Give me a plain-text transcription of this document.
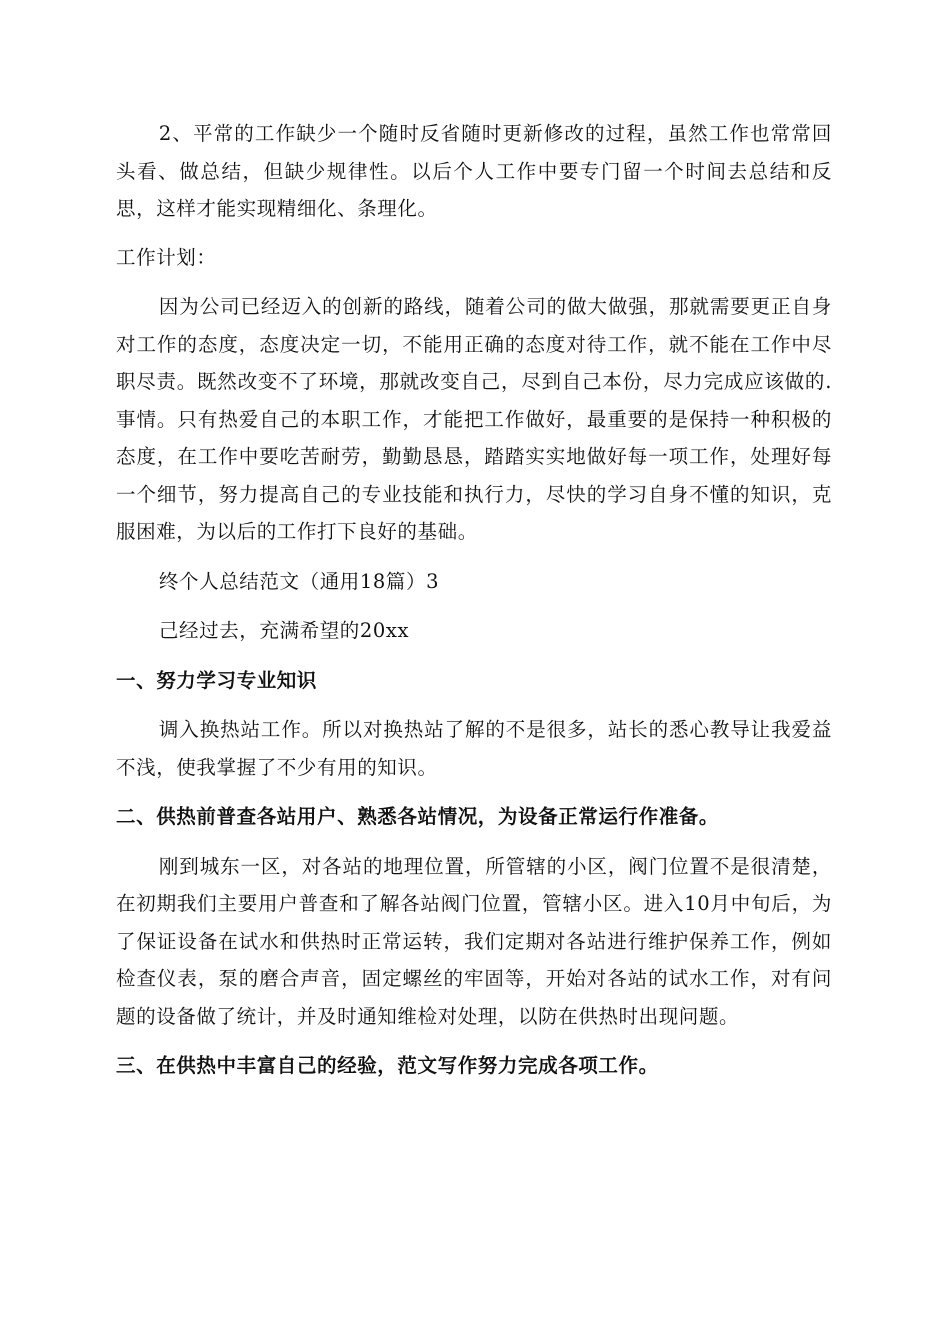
2、平常的工作缺少一个随时反省随时更新修改的过程，虽然工作也常常回头看、做总结，但缺少规律性。以后个人工作中要专门留一个时间去总结和反思，这样才能实现精细化、条理化。

工作计划：

因为公司已经迈入的创新的路线，随着公司的做大做强，那就需要更正自身对工作的态度，态度决定一切，不能用正确的态度对待工作，就不能在工作中尽职尽责。既然改变不了环境，那就改变自己，尽到自己本份，尽力完成应该做的.事情。只有热爱自己的本职工作，才能把工作做好，最重要的是保持一种积极的态度，在工作中要吃苦耐劳，勤勤恳恳，踏踏实实地做好每一项工作，处理好每一个细节，努力提高自己的专业技能和执行力，尽快的学习自身不懂的知识，克服困难，为以后的工作打下良好的基础。

终个人总结范文（通用18篇）3

己经过去，充满希望的20xx

一、努力学习专业知识

调入换热站工作。所以对换热站了解的不是很多，站长的悉心教导让我爱益不浅，使我掌握了不少有用的知识。

二、供热前普查各站用户、熟悉各站情况，为设备正常运行作准备。

刚到城东一区，对各站的地理位置，所管辖的小区，阀门位置不是很清楚，在初期我们主要用户普查和了解各站阀门位置，管辖小区。进入10月中旬后，为了保证设备在试水和供热时正常运转，我们定期对各站进行维护保养工作，例如检查仪表，泵的磨合声音，固定螺丝的牢固等，开始对各站的试水工作，对有问题的设备做了统计，并及时通知维检对处理，以防在供热时出现问题。

三、在供热中丰富自己的经验，范文写作努力完成各项工作。
